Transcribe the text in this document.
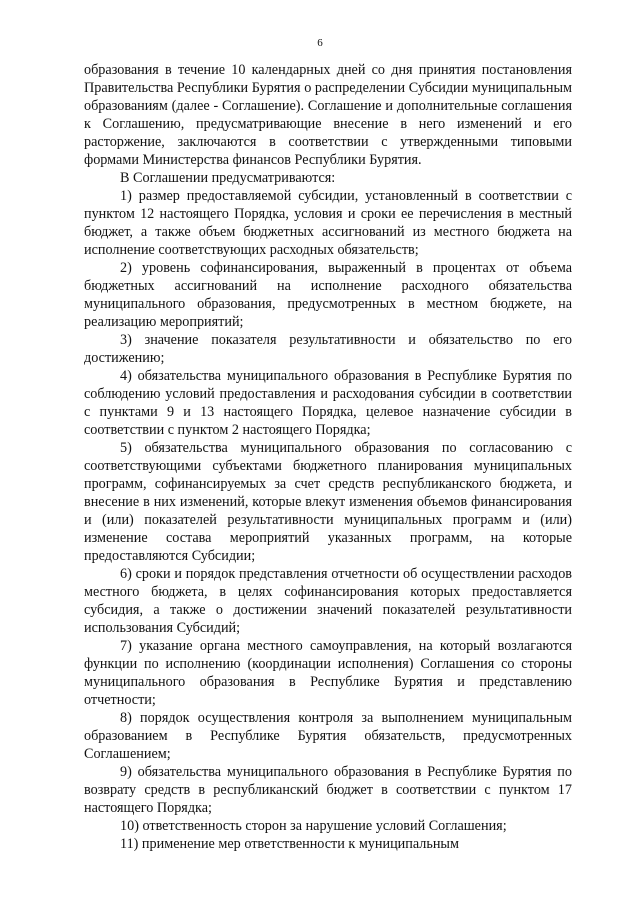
6

образования в течение 10 календарных дней со дня принятия постановления Правительства Республики Бурятия о распределении Субсидии муниципальным образованиям (далее - Соглашение). Соглашение и дополнительные соглашения к Соглашению, предусматривающие внесение в него изменений и его расторжение, заключаются в соответствии с утвержденными типовыми формами Министерства финансов Республики Бурятия.

В Соглашении предусматриваются:

1) размер предоставляемой субсидии, установленный в соответствии с пунктом 12 настоящего Порядка, условия и сроки ее перечисления в местный бюджет, а также объем бюджетных ассигнований из местного бюджета на исполнение соответствующих расходных обязательств;

2) уровень софинансирования, выраженный в процентах от объема бюджетных ассигнований на исполнение расходного обязательства муниципального образования, предусмотренных в местном бюджете, на реализацию мероприятий;

3) значение показателя результативности и обязательство по его достижению;

4) обязательства муниципального образования в Республике Бурятия по соблюдению условий предоставления и расходования субсидии в соответствии с пунктами 9 и 13 настоящего Порядка, целевое назначение субсидии в соответствии с пунктом 2 настоящего Порядка;

5) обязательства муниципального образования по согласованию с соответствующими субъектами бюджетного планирования муниципальных программ, софинансируемых за счет средств республиканского бюджета, и внесение в них изменений, которые влекут изменения объемов финансирования и (или) показателей результативности муниципальных программ и (или) изменение состава мероприятий указанных программ, на которые предоставляются Субсидии;

6) сроки и порядок представления отчетности об осуществлении расходов местного бюджета, в целях софинансирования которых предоставляется субсидия, а также о достижении значений показателей результативности использования Субсидий;

7) указание органа местного самоуправления, на который возлагаются функции по исполнению (координации исполнения) Соглашения со стороны муниципального образования в Республике Бурятия и представлению отчетности;

8) порядок осуществления контроля за выполнением муниципальным образованием в Республике Бурятия обязательств, предусмотренных Соглашением;

9) обязательства муниципального образования в Республике Бурятия по возврату средств в республиканский бюджет в соответствии с пунктом 17 настоящего Порядка;

10) ответственность сторон за нарушение условий Соглашения;

11) применение мер ответственности к муниципальным
